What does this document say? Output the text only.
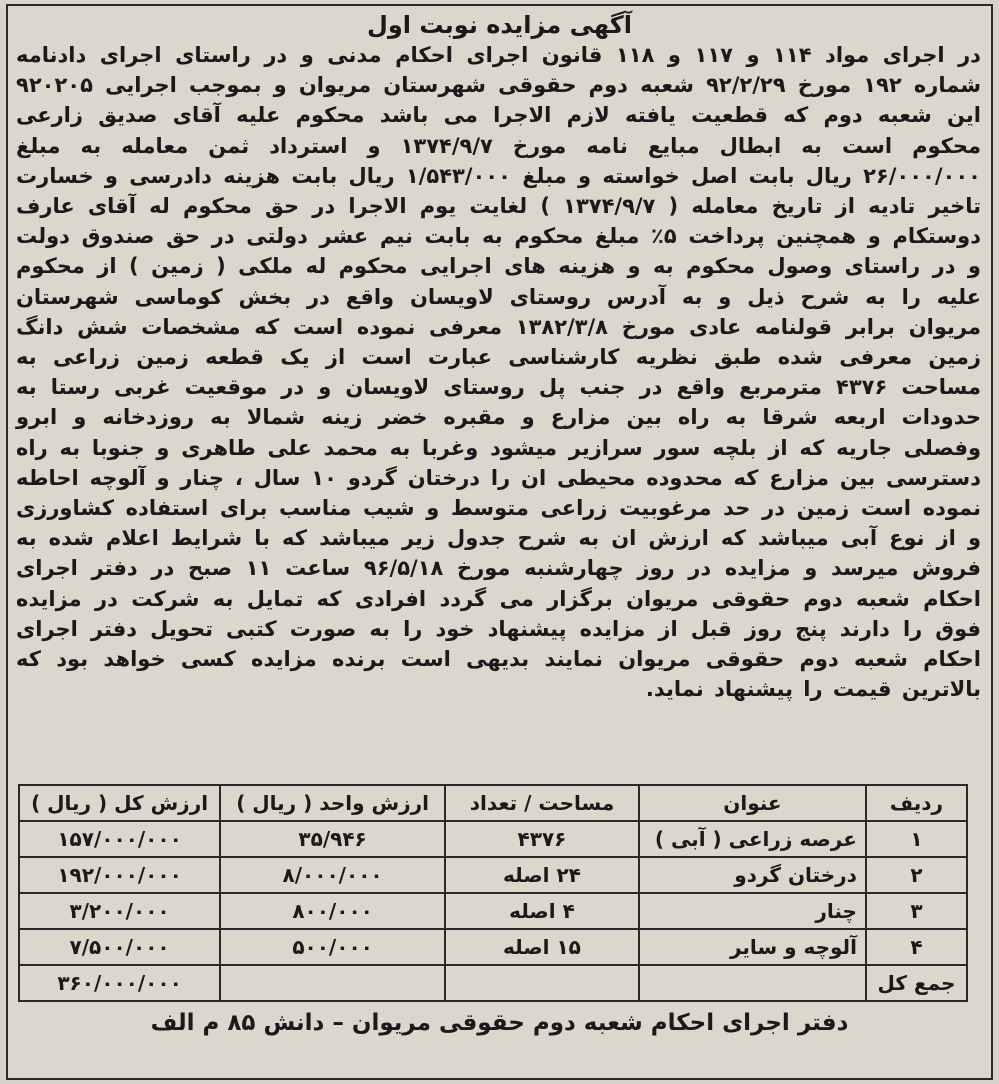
آگهی مزایده نوبت اول
در اجرای مواد ۱۱۴ و ۱۱۷ و ۱۱۸ قانون اجرای احکام مدنی و در راستای اجرای دادنامه شماره ۱۹۲ مورخ ۹۲/۲/۲۹ شعبه دوم حقوقی شهرستان مریوان و بموجب اجرایی ۹۲۰۲۰۵ این شعبه دوم که قطعیت یافته لازم الاجرا می باشد محکوم علیه آقای صدیق زارعی محکوم است به ابطال مبایع نامه مورخ ۱۳۷۴/۹/۷ و استرداد ثمن معامله به مبلغ ۲۶/۰۰۰/۰۰۰ ریال بابت اصل خواسته و مبلغ ۱/۵۴۳/۰۰۰ ریال بابت هزینه دادرسی و خسارت تاخیر تادیه از تاریخ معامله ( ۱۳۷۴/۹/۷ ) لغایت یوم الاجرا در حق محکوم له آقای عارف دوستکام و همچنین پرداخت ۵٪ مبلغ محکوم به بابت نیم عشر دولتی در حق صندوق دولت و در راستای وصول محکوم به و هزینه های اجرایی محکوم له ملکی ( زمین ) از محکوم علیه را به شرح ذیل و به آدرس روستای لاویسان واقع در بخش کوماسی شهرستان مریوان برابر قولنامه عادی مورخ ۱۳۸۲/۳/۸ معرفی نموده است که مشخصات شش دانگ زمین معرفی شده طبق نظریه کارشناسی عبارت است از یک قطعه زمین زراعی به مساحت ۴۳۷۶ مترمربع واقع در جنب پل روستای لاویسان و در موقعیت غربی رستا به حدودات اربعه شرقا به راه بین مزارع و مقبره خضر زینه شمالا به روزدخانه و ابرو وفصلی جاریه که از بلچه سور سرازیر میشود وغربا به محمد علی طاهری و جنوبا به راه دسترسی بین مزارع که محدوده محیطی ان را درختان گردو ۱۰ سال ، چنار و آلوچه احاطه نموده است زمین در حد مرغوبیت زراعی متوسط و شیب مناسب برای استفاده کشاورزی و از نوع آبی میباشد که ارزش ان به شرح جدول زیر میباشد که با شرایط اعلام شده به فروش میرسد و مزایده در روز چهارشنبه مورخ ۹۶/۵/۱۸ ساعت ۱۱ صبح در دفتر اجرای احکام شعبه دوم حقوقی مریوان برگزار می گردد افرادی که تمایل به شرکت در مزایده فوق را دارند پنج روز قبل از مزایده پیشنهاد خود را به صورت کتبی تحویل دفتر اجرای احکام شعبه دوم حقوقی مریوان نمایند بدیهی است برنده مزایده کسی خواهد بود که بالاترین قیمت را پیشنهاد نماید.
ردیف	عنوان	مساحت / تعداد	ارزش واحد ( ریال )	ارزش کل ( ریال )
۱	عرصه زراعی ( آبی )	۴۳۷۶	۳۵/۹۴۶	۱۵۷/۰۰۰/۰۰۰
۲	درختان گردو	۲۴ اصله	۸/۰۰۰/۰۰۰	۱۹۲/۰۰۰/۰۰۰
۳	چنار	۴ اصله	۸۰۰/۰۰۰	۳/۲۰۰/۰۰۰
۴	آلوچه و سایر	۱۵ اصله	۵۰۰/۰۰۰	۷/۵۰۰/۰۰۰
جمع کل				۳۶۰/۰۰۰/۰۰۰
دفتر اجرای احکام شعبه دوم حقوقی مریوان – دانش ۸۵ م الف
